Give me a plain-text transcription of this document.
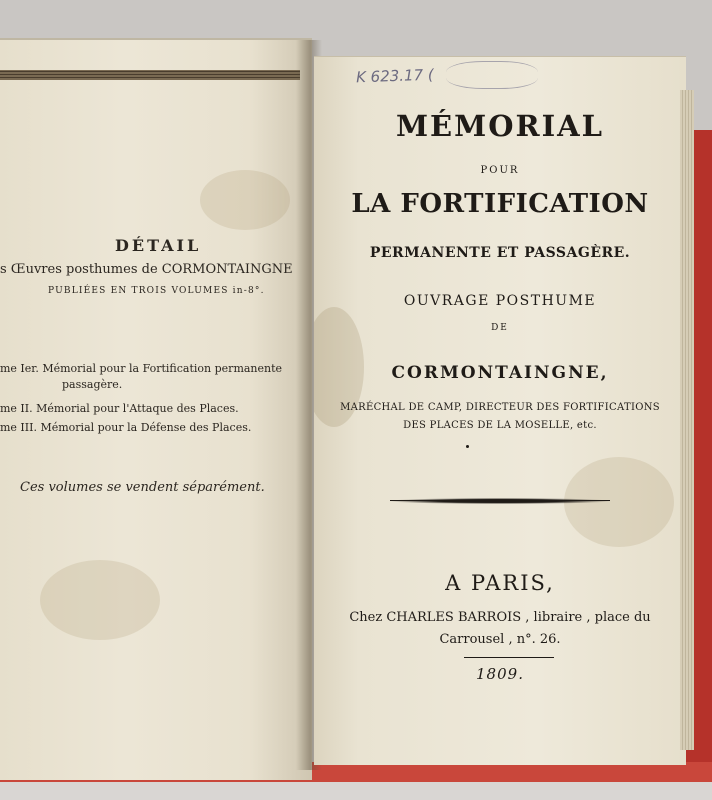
DÉTAIL
s Œuvres posthumes de CORMONTAINGNE
PUBLIÉES EN TROIS VOLUMES in-8°.
me Ier. Mémorial pour la Fortification permanente
passagère.
me II. Mémorial pour l'Attaque des Places.
me III. Mémorial pour la Défense des Places.
Ces volumes se vendent séparément.
K 623.17 (
MÉMORIAL
POUR
LA FORTIFICATION
PERMANENTE ET PASSAGÈRE.
OUVRAGE POSTHUME
DE
CORMONTAINGNE,
MARÉCHAL DE CAMP, DIRECTEUR DES FORTIFICATIONS
DES PLACES DE LA MOSELLE, etc.
A PARIS,
Chez CHARLES BARROIS , libraire , place du
Carrousel , n°. 26.
1809.
